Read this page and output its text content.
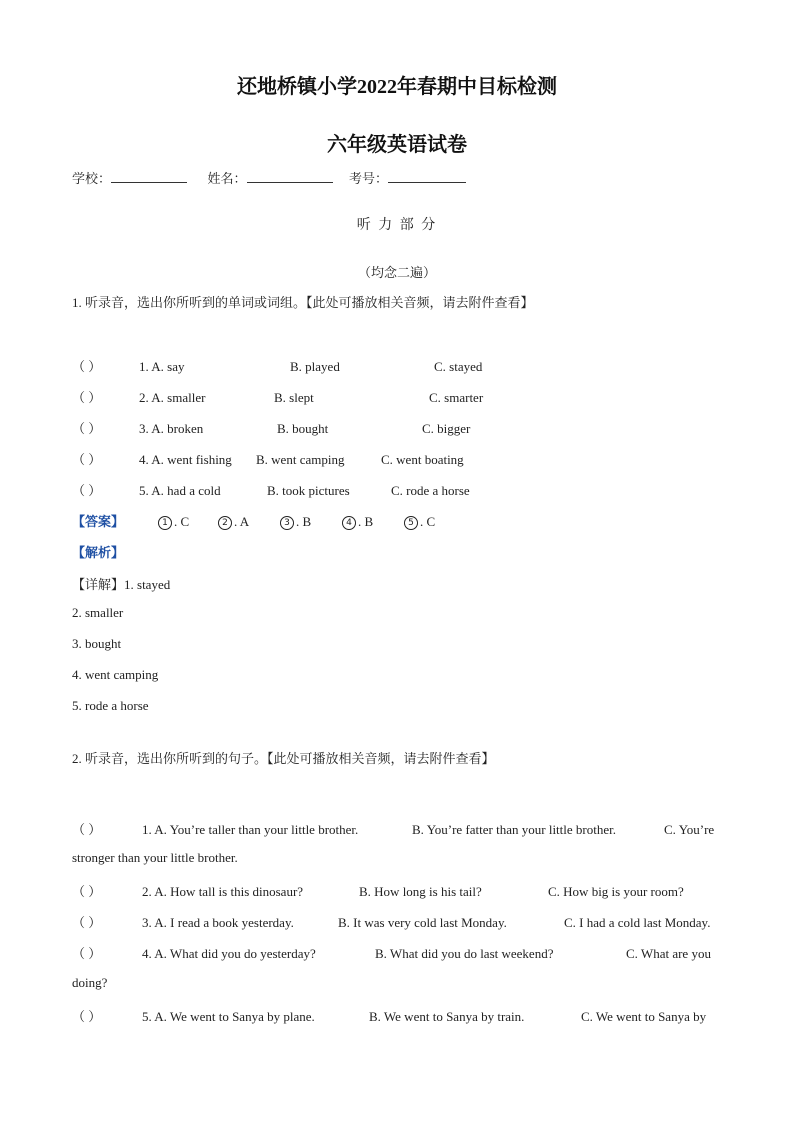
还地桥镇小学2022年春期中目标检测
六年级英语试卷
学校：	姓名：	考号：
听 力 部 分
（均念二遍）
1. 听录音，选出你所听到的单词或词组。【此处可播放相关音频，请去附件查看】
（ ）	1. A. say	B. played	C. stayed
（ ）	2. A. smaller	B. slept	C. smarter
（ ）	3. A. broken	B. bought	C. bigger
（ ）	4. A. went fishing B. went camping	C. went boating
（ ）	5. A. had a cold	B. took pictures	C. rode a horse
【答案】	1 . C	2 . A	3 . B	4 . B	5 . C
【解析】
【详解】1. stayed
2. smaller
3. bought
4. went camping
5. rode a horse
2. 听录音，选出你所听到的句子。【此处可播放相关音频，请去附件查看】
（ ）	1. A. You’re taller than your little brother.	B. You’re fatter than your little brother.	C. You’re
stronger than your little brother.
（ ）	2. A. How tall is this dinosaur?	B. How long is his tail?	C. How big is your room?
（ ）	3. A. I read a book yesterday.	B. It was very cold last Monday.	C. I had a cold last Monday.
（ ）	4. A. What did you do yesterday?	B. What did you do last weekend?	C. What are you
doing?
（ ）	5. A. We went to Sanya by plane.	B. We went to Sanya by train.	C. We went to Sanya by
